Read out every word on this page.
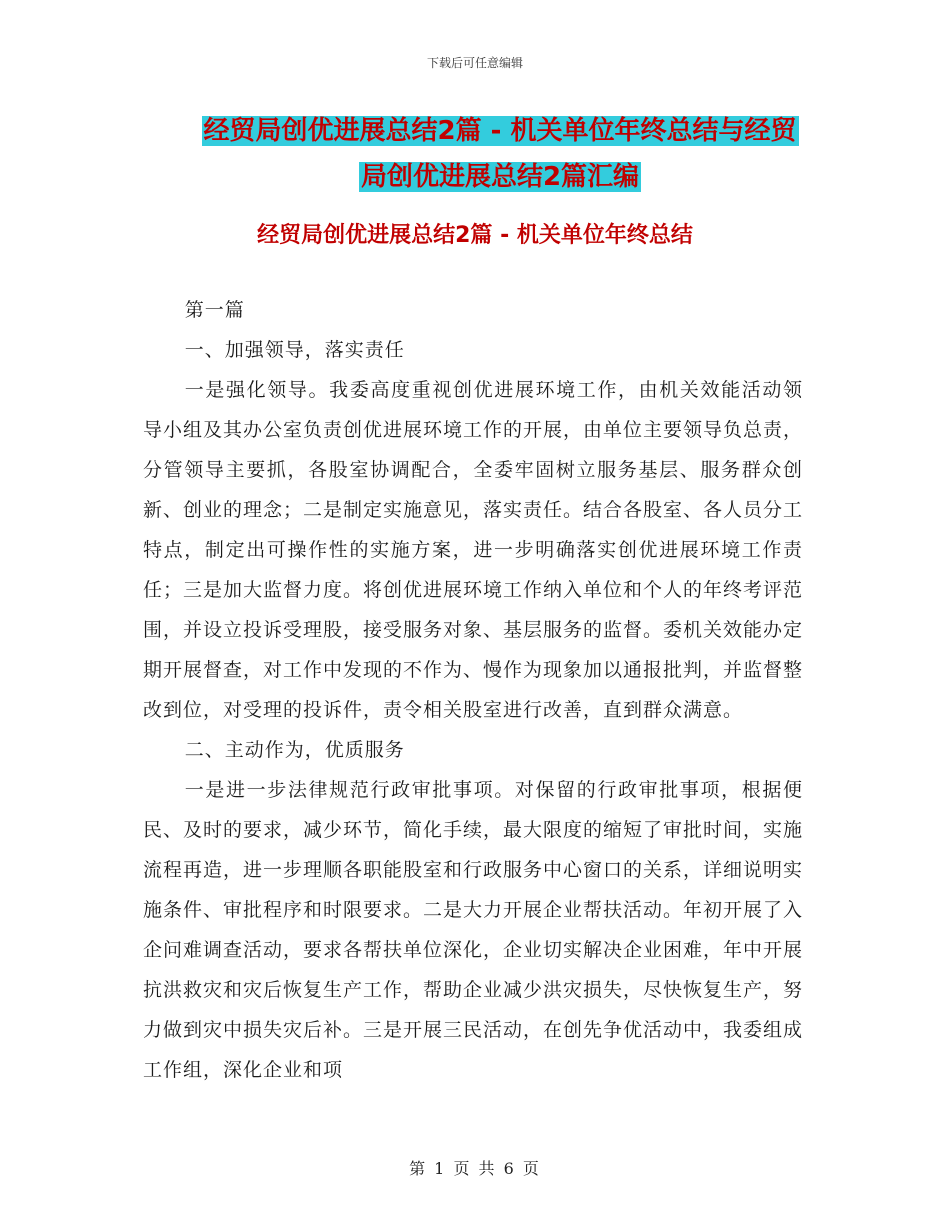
下载后可任意编辑
经贸局创优进展总结2篇 - 机关单位年终总结与经贸
局创优进展总结2篇汇编
经贸局创优进展总结2篇 - 机关单位年终总结

第一篇

一、加强领导，落实责任

一是强化领导。我委高度重视创优进展环境工作，由机关效能活动领导小组及其办公室负责创优进展环境工作的开展，由单位主要领导负总责，分管领导主要抓，各股室协调配合，全委牢固树立服务基层、服务群众创新、创业的理念；二是制定实施意见，落实责任。结合各股室、各人员分工特点，制定出可操作性的实施方案，进一步明确落实创优进展环境工作责任；三是加大监督力度。将创优进展环境工作纳入单位和个人的年终考评范围，并设立投诉受理股，接受服务对象、基层服务的监督。委机关效能办定期开展督查，对工作中发现的不作为、慢作为现象加以通报批判，并监督整改到位，对受理的投诉件，责令相关股室进行改善，直到群众满意。

二、主动作为，优质服务

一是进一步法律规范行政审批事项。对保留的行政审批事项，根据便民、及时的要求，减少环节，简化手续，最大限度的缩短了审批时间，实施流程再造，进一步理顺各职能股室和行政服务中心窗口的关系，详细说明实施条件、审批程序和时限要求。二是大力开展企业帮扶活动。年初开展了入企问难调查活动，要求各帮扶单位深化，企业切实解决企业困难，年中开展抗洪救灾和灾后恢复生产工作，帮助企业减少洪灾损失，尽快恢复生产，努力做到灾中损失灾后补。三是开展三民活动，在创先争优活动中，我委组成工作组，深化企业和项

第 1 页 共 6 页
